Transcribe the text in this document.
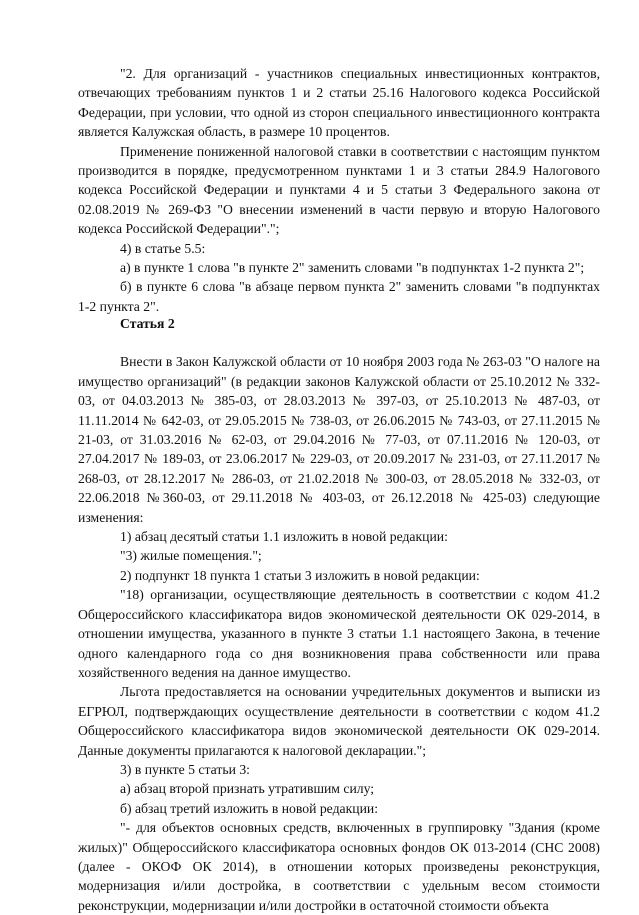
"2. Для организаций - участников специальных инвестиционных контрактов, отвечающих требованиям пунктов 1 и 2 статьи 25.16 Налогового кодекса Российской Федерации, при условии, что одной из сторон специального инвестиционного контракта является Калужская область, в размере 10 процентов.

Применение пониженной налоговой ставки в соответствии с настоящим пунктом производится в порядке, предусмотренном пунктами 1 и 3 статьи 284.9 Налогового кодекса Российской Федерации и пунктами 4 и 5 статьи 3 Федерального закона от 02.08.2019 № 269-ФЗ "О внесении изменений в части первую и вторую Налогового кодекса Российской Федерации".";

4) в статье 5.5:

а) в пункте 1 слова "в пункте 2" заменить словами "в подпунктах 1-2 пункта 2";

б) в пункте 6 слова "в абзаце первом пункта 2" заменить словами "в подпунктах 1-2 пункта 2".

Статья 2

Внести в Закон Калужской области от 10 ноября 2003 года № 263-03 "О налоге на имущество организаций" (в редакции законов Калужской области от 25.10.2012 № 332-03, от 04.03.2013 № 385-03, от 28.03.2013 № 397-03, от 25.10.2013 № 487-03, от 11.11.2014 № 642-03, от 29.05.2015 № 738-03, от 26.06.2015 № 743-03, от 27.11.2015 № 21-03, от 31.03.2016 № 62-03, от 29.04.2016 № 77-03, от 07.11.2016 № 120-03, от 27.04.2017 № 189-03, от 23.06.2017 № 229-03, от 20.09.2017 № 231-03, от 27.11.2017 № 268-03, от 28.12.2017 № 286-03, от 21.02.2018 № 300-03, от 28.05.2018 № 332-03, от 22.06.2018 №360-03, от 29.11.2018 № 403-03, от 26.12.2018 № 425-03) следующие изменения:

1) абзац десятый статьи 1.1 изложить в новой редакции:

"3) жилые помещения.";

2) подпункт 18 пункта 1 статьи 3 изложить в новой редакции:

"18) организации, осуществляющие деятельность в соответствии с кодом 41.2 Общероссийского классификатора видов экономической деятельности ОК 029-2014, в отношении имущества, указанного в пункте 3 статьи 1.1 настоящего Закона, в течение одного календарного года со дня возникновения права собственности или права хозяйственного ведения на данное имущество.

Льгота предоставляется на основании учредительных документов и выписки из ЕГРЮЛ, подтверждающих осуществление деятельности в соответствии с кодом 41.2 Общероссийского классификатора видов экономической деятельности ОК 029-2014. Данные документы прилагаются к налоговой декларации.";

3) в пункте 5 статьи 3:

а) абзац второй признать утратившим силу;

б) абзац третий изложить в новой редакции:

"- для объектов основных средств, включенных в группировку "Здания (кроме жилых)" Общероссийского классификатора основных фондов ОК 013-2014 (СНС 2008) (далее - ОКОФ ОК 2014), в отношении которых произведены реконструкция, модернизация и/или достройка, в соответствии с удельным весом стоимости реконструкции, модернизации и/или достройки в остаточной стоимости объекта
